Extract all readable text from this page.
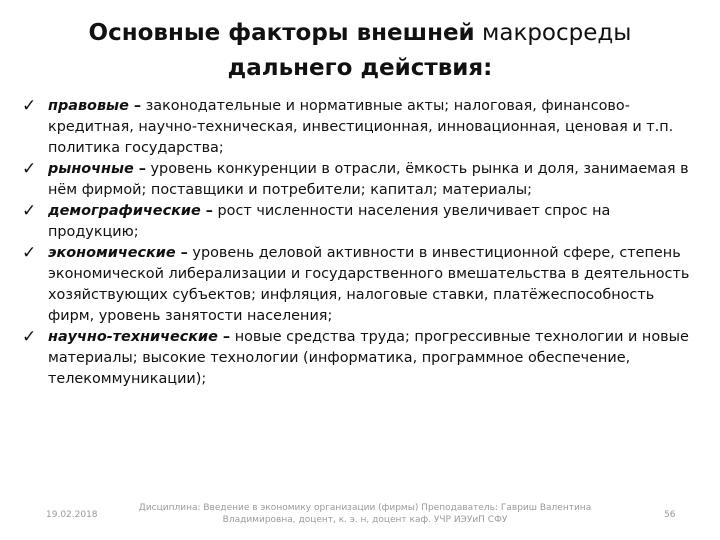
Основные факторы внешней макросреды
дальнего действия:
✓ правовые – законодательные и нормативные акты; налоговая, финансово-кредитная, научно-техническая, инвестиционная, инновационная, ценовая и т.п. политика государства;
✓ рыночные – уровень конкуренции в отрасли, ёмкость рынка и доля, занимаемая в нём фирмой; поставщики и потребители; капитал; материалы;
✓ демографические – рост численности населения увеличивает спрос на продукцию;
✓ экономические – уровень деловой активности в инвестиционной сфере, степень экономической либерализации и государственного вмешательства в деятельность хозяйствующих субъектов; инфляция, налоговые ставки, платёжеспособность фирм, уровень занятости населения;
✓ научно-технические – новые средства труда; прогрессивные технологии и новые материалы; высокие технологии (информатика, программное обеспечение, телекоммуникации);
19.02.2018
Дисциплина: Введение в экономику организации (фирмы) Преподаватель: Гавриш Валентина
Владимировна, доцент, к. э. н, доцент каф. УЧР ИЭУиП СФУ	56
